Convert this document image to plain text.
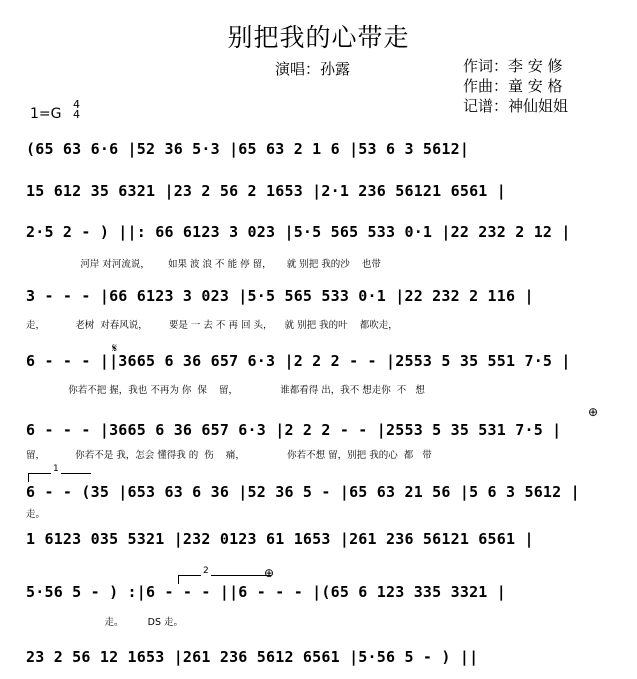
别把我的心带走
演唱：孙露	作词：李 安 修
作曲：童 安 格
记谱：神仙姐姐
1=G
4
4
(65 63 6·6 |52 36 5·3 |65 63 2 1 6 |53 6 3 5612|
15 612 35 6321 |23 2 56 2 1653 |2·1 236 56121 6561 |
2·5 2 - ) ||: 66 6123 3 023 |5·5 565 533 0·1 |22 232 2 12 |
河岸 对河流说，      如果 波 浪 不 能 停 留，     就 别把 我的沙    也带
3 - - - |66 6123 3 023 |5·5 565 533 0·1 |22 232 2 116 |
走，          老树  对春风说，       要是 一 去 不 再 回 头，    就 别把 我的叶    都吹走，
𝄋
6 - - - ||3665 6 36 657 6·3 |2 2 2 - - |2553 5 35 551 7·5 |
你若不把 握，我也 不再为 你  保    留，              谁都看得 出，我不 想走你  不   想
⊕
6 - - - |3665 6 36 657 6·3 |2 2 2 - - |2553 5 35 531 7·5 |
留，          你若不是 我，怎会 懂得我 的  伤    痛，              你若不想 留，别把 我的心  都   带
1
6 - - (35 |653 63 6 36 |52 36 5 - |65 63 21 56 |5 6 3 5612 |
走。
1 6123 035 5321 |232 0123 61 1653 |261 236 56121 6561 |
2	⊕
5·56 5 - ) :|6 - - - ||6 - - - |(65 6 123 335 3321 |
走。        DS 走。
23 2 56 12 1653 |261 236 5612 6561 |5·56 5 - ) ||
